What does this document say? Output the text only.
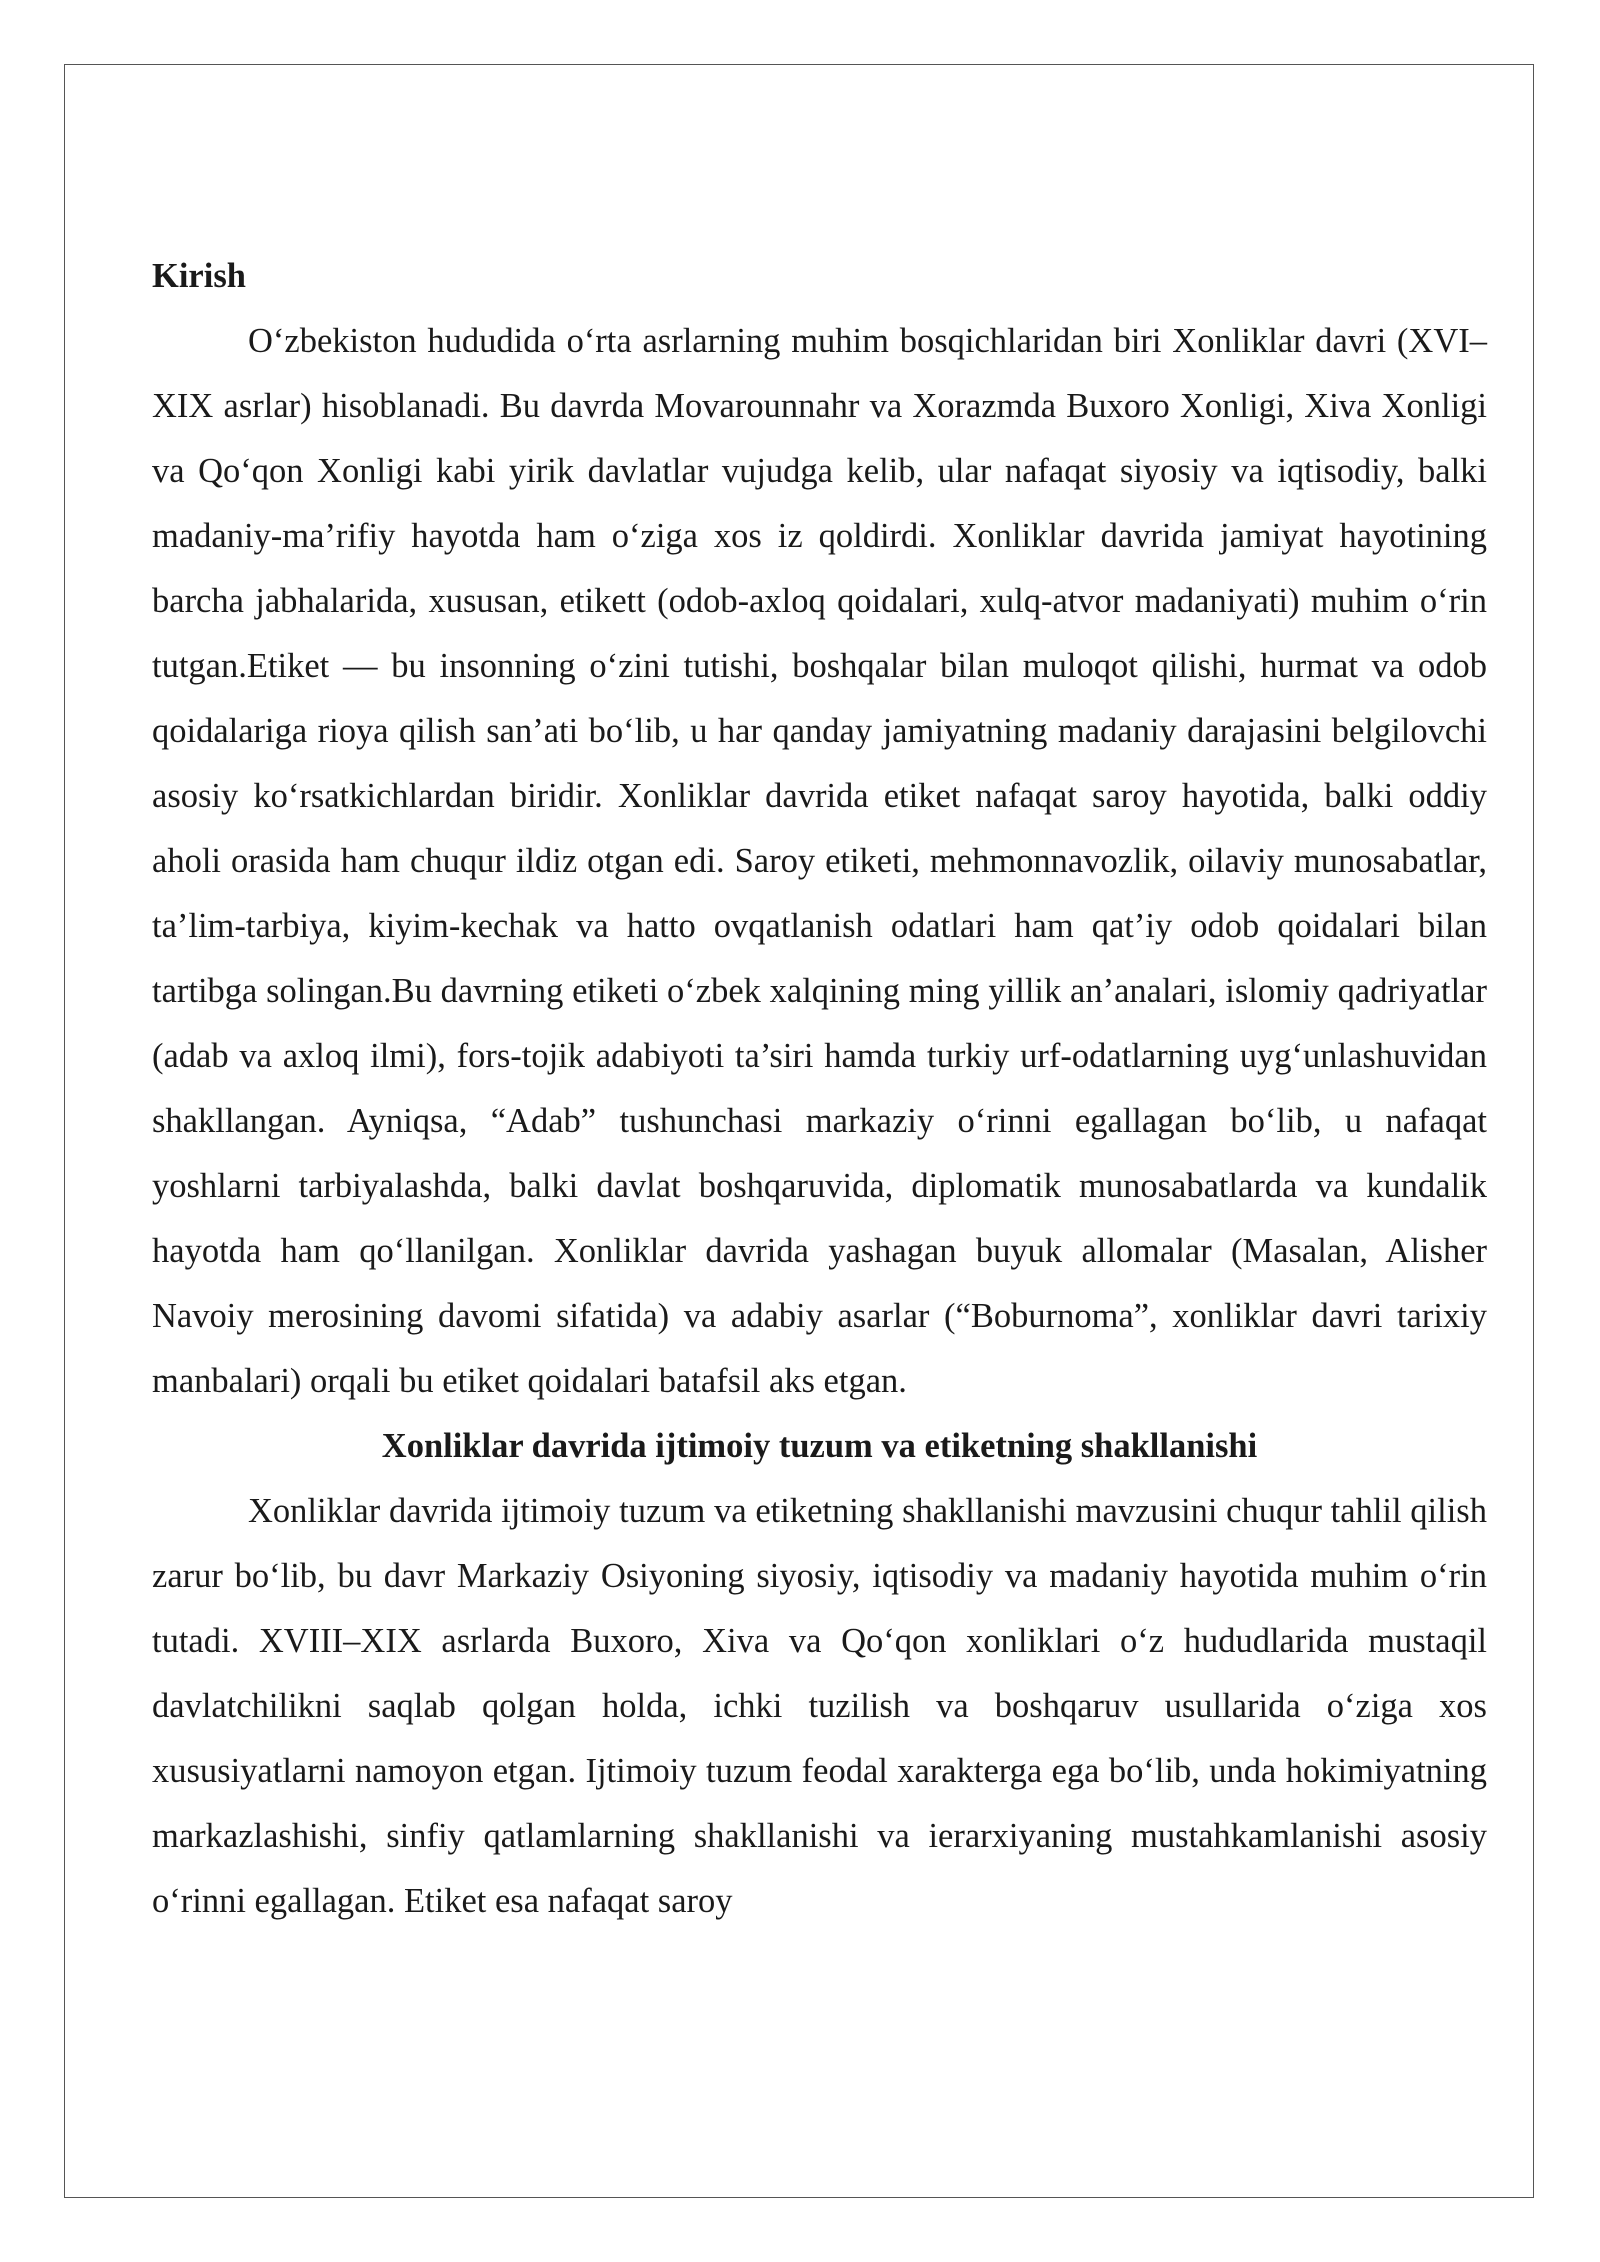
Kirish

O‘zbekiston hududida o‘rta asrlarning muhim bosqichlaridan biri Xonliklar davri (XVI–XIX asrlar) hisoblanadi. Bu davrda Movarounnahr va Xorazmda Buxoro Xonligi, Xiva Xonligi va Qo‘qon Xonligi kabi yirik davlatlar vujudga kelib, ular nafaqat siyosiy va iqtisodiy, balki madaniy-ma’rifiy hayotda ham o‘ziga xos iz qoldirdi. Xonliklar davrida jamiyat hayotining barcha jabhalarida, xususan, etikett (odob-axloq qoidalari, xulq-atvor madaniyati) muhim o‘rin tutgan.Etiket — bu insonning o‘zini tutishi, boshqalar bilan muloqot qilishi, hurmat va odob qoidalariga rioya qilish san’ati bo‘lib, u har qanday jamiyatning madaniy darajasini belgilovchi asosiy ko‘rsatkichlardan biridir. Xonliklar davrida etiket nafaqat saroy hayotida, balki oddiy aholi orasida ham chuqur ildiz otgan edi. Saroy etiketi, mehmonnavozlik, oilaviy munosabatlar, ta’lim-tarbiya, kiyim-kechak va hatto ovqatlanish odatlari ham qat’iy odob qoidalari bilan tartibga solingan.Bu davrning etiketi o‘zbek xalqining ming yillik an’analari, islomiy qadriyatlar (adab va axloq ilmi), fors-tojik adabiyoti ta’siri hamda turkiy urf-odatlarning uyg‘unlashuvidan shakllangan. Ayniqsa, “Adab” tushunchasi markaziy o‘rinni egallagan bo‘lib, u nafaqat yoshlarni tarbiyalashda, balki davlat boshqaruvida, diplomatik munosabatlarda va kundalik hayotda ham qo‘llanilgan. Xonliklar davrida yashagan buyuk allomalar (Masalan, Alisher Navoiy merosining davomi sifatida) va adabiy asarlar (“Boburnoma”, xonliklar davri tarixiy manbalari) orqali bu etiket qoidalari batafsil aks etgan.

Xonliklar davrida ijtimoiy tuzum va etiketning shakllanishi

Xonliklar davrida ijtimoiy tuzum va etiketning shakllanishi mavzusini chuqur tahlil qilish zarur bo‘lib, bu davr Markaziy Osiyoning siyosiy, iqtisodiy va madaniy hayotida muhim o‘rin tutadi. XVIII–XIX asrlarda Buxoro, Xiva va Qo‘qon xonliklari o‘z hududlarida mustaqil davlatchilikni saqlab qolgan holda, ichki tuzilish va boshqaruv usullarida o‘ziga xos xususiyatlarni namoyon etgan. Ijtimoiy tuzum feodal xarakterga ega bo‘lib, unda hokimiyatning markazlashishi, sinfiy qatlamlarning shakllanishi va ierarxiyaning mustahkamlanishi asosiy o‘rinni egallagan. Etiket esa nafaqat saroy
